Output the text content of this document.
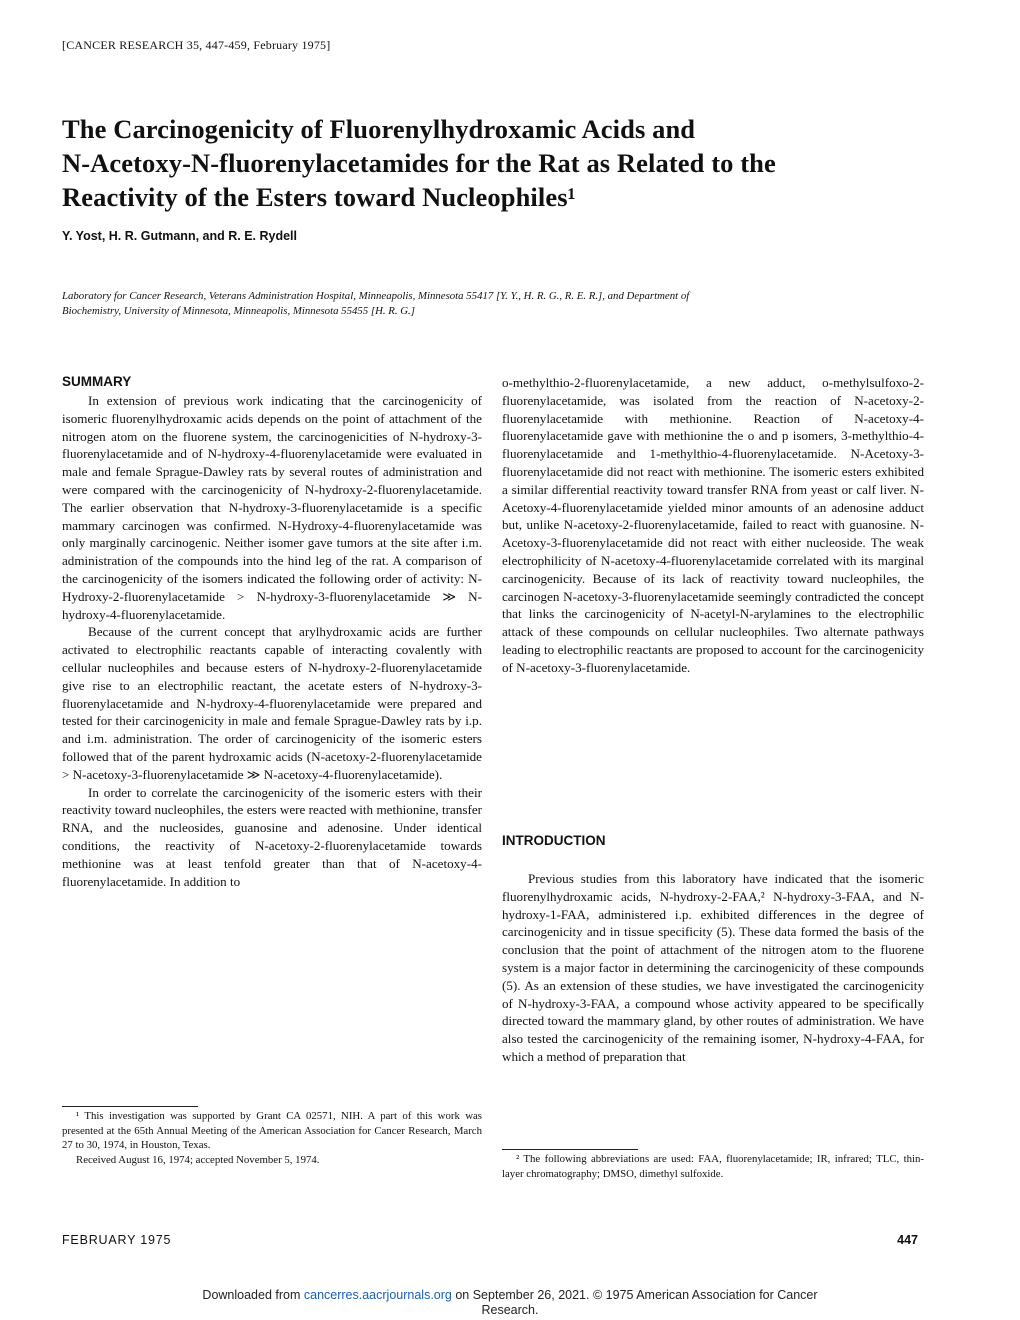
[CANCER RESEARCH 35, 447-459, February 1975]
The Carcinogenicity of Fluorenylhydroxamic Acids and
N-Acetoxy-N-fluorenylacetamides for the Rat as Related to the
Reactivity of the Esters toward Nucleophiles¹
Y. Yost, H. R. Gutmann, and R. E. Rydell
Laboratory for Cancer Research, Veterans Administration Hospital, Minneapolis, Minnesota 55417 [Y. Y., H. R. G., R. E. R.], and Department of
Biochemistry, University of Minnesota, Minneapolis, Minnesota 55455 [H. R. G.]
SUMMARY

In extension of previous work indicating that the carcinogenicity of isomeric fluorenylhydroxamic acids depends on the point of attachment of the nitrogen atom on the fluorene system, the carcinogenicities of N-hydroxy-3-fluorenylacetamide and of N-hydroxy-4-fluorenylacetamide were evaluated in male and female Sprague-Dawley rats by several routes of administration and were compared with the carcinogenicity of N-hydroxy-2-fluorenylacetamide. The earlier observation that N-hydroxy-3-fluorenylacetamide is a specific mammary carcinogen was confirmed. N-Hydroxy-4-fluorenylacetamide was only marginally carcinogenic. Neither isomer gave tumors at the site after i.m. administration of the compounds into the hind leg of the rat. A comparison of the carcinogenicity of the isomers indicated the following order of activity: N-Hydroxy-2-fluorenylacetamide > N-hydroxy-3-fluorenylacetamide ≫ N-hydroxy-4-fluorenylacetamide.

Because of the current concept that arylhydroxamic acids are further activated to electrophilic reactants capable of interacting covalently with cellular nucleophiles and because esters of N-hydroxy-2-fluorenylacetamide give rise to an electrophilic reactant, the acetate esters of N-hydroxy-3-fluorenylacetamide and N-hydroxy-4-fluorenylacetamide were prepared and tested for their carcinogenicity in male and female Sprague-Dawley rats by i.p. and i.m. administration. The order of carcinogenicity of the isomeric esters followed that of the parent hydroxamic acids (N-acetoxy-2-fluorenylacetamide > N-acetoxy-3-fluorenylacetamide ≫ N-acetoxy-4-fluorenylacetamide).

In order to correlate the carcinogenicity of the isomeric esters with their reactivity toward nucleophiles, the esters were reacted with methionine, transfer RNA, and the nucleosides, guanosine and adenosine. Under identical conditions, the reactivity of N-acetoxy-2-fluorenylacetamide towards methionine was at least tenfold greater than that of N-acetoxy-4-fluorenylacetamide. In addition to

¹ This investigation was supported by Grant CA 02571, NIH. A part of this work was presented at the 65th Annual Meeting of the American Association for Cancer Research, March 27 to 30, 1974, in Houston, Texas.

Received August 16, 1974; accepted November 5, 1974.

o-methylthio-2-fluorenylacetamide, a new adduct, o-methylsulfoxo-2-fluorenylacetamide, was isolated from the reaction of N-acetoxy-2-fluorenylacetamide with methionine. Reaction of N-acetoxy-4-fluorenylacetamide gave with methionine the o and p isomers, 3-methylthio-4-fluorenylacetamide and 1-methylthio-4-fluorenylacetamide. N-Acetoxy-3-fluorenylacetamide did not react with methionine. The isomeric esters exhibited a similar differential reactivity toward transfer RNA from yeast or calf liver. N-Acetoxy-4-fluorenylacetamide yielded minor amounts of an adenosine adduct but, unlike N-acetoxy-2-fluorenylacetamide, failed to react with guanosine. N-Acetoxy-3-fluorenylacetamide did not react with either nucleoside. The weak electrophilicity of N-acetoxy-4-fluorenylacetamide correlated with its marginal carcinogenicity. Because of its lack of reactivity toward nucleophiles, the carcinogen N-acetoxy-3-fluorenylacetamide seemingly contradicted the concept that links the carcinogenicity of N-acetyl-N-arylamines to the electrophilic attack of these compounds on cellular nucleophiles. Two alternate pathways leading to electrophilic reactants are proposed to account for the carcinogenicity of N-acetoxy-3-fluorenylacetamide.

INTRODUCTION

Previous studies from this laboratory have indicated that the isomeric fluorenylhydroxamic acids, N-hydroxy-2-FAA,² N-hydroxy-3-FAA, and N-hydroxy-1-FAA, administered i.p. exhibited differences in the degree of carcinogenicity and in tissue specificity (5). These data formed the basis of the conclusion that the point of attachment of the nitrogen atom to the fluorene system is a major factor in determining the carcinogenicity of these compounds (5). As an extension of these studies, we have investigated the carcinogenicity of N-hydroxy-3-FAA, a compound whose activity appeared to be specifically directed toward the mammary gland, by other routes of administration. We have also tested the carcinogenicity of the remaining isomer, N-hydroxy-4-FAA, for which a method of preparation that

² The following abbreviations are used: FAA, fluorenylacetamide; IR, infrared; TLC, thin-layer chromatography; DMSO, dimethyl sulfoxide.

FEBRUARY 1975	447
Downloaded from cancerres.aacrjournals.org on September 26, 2021. © 1975 American Association for Cancer
Research.
